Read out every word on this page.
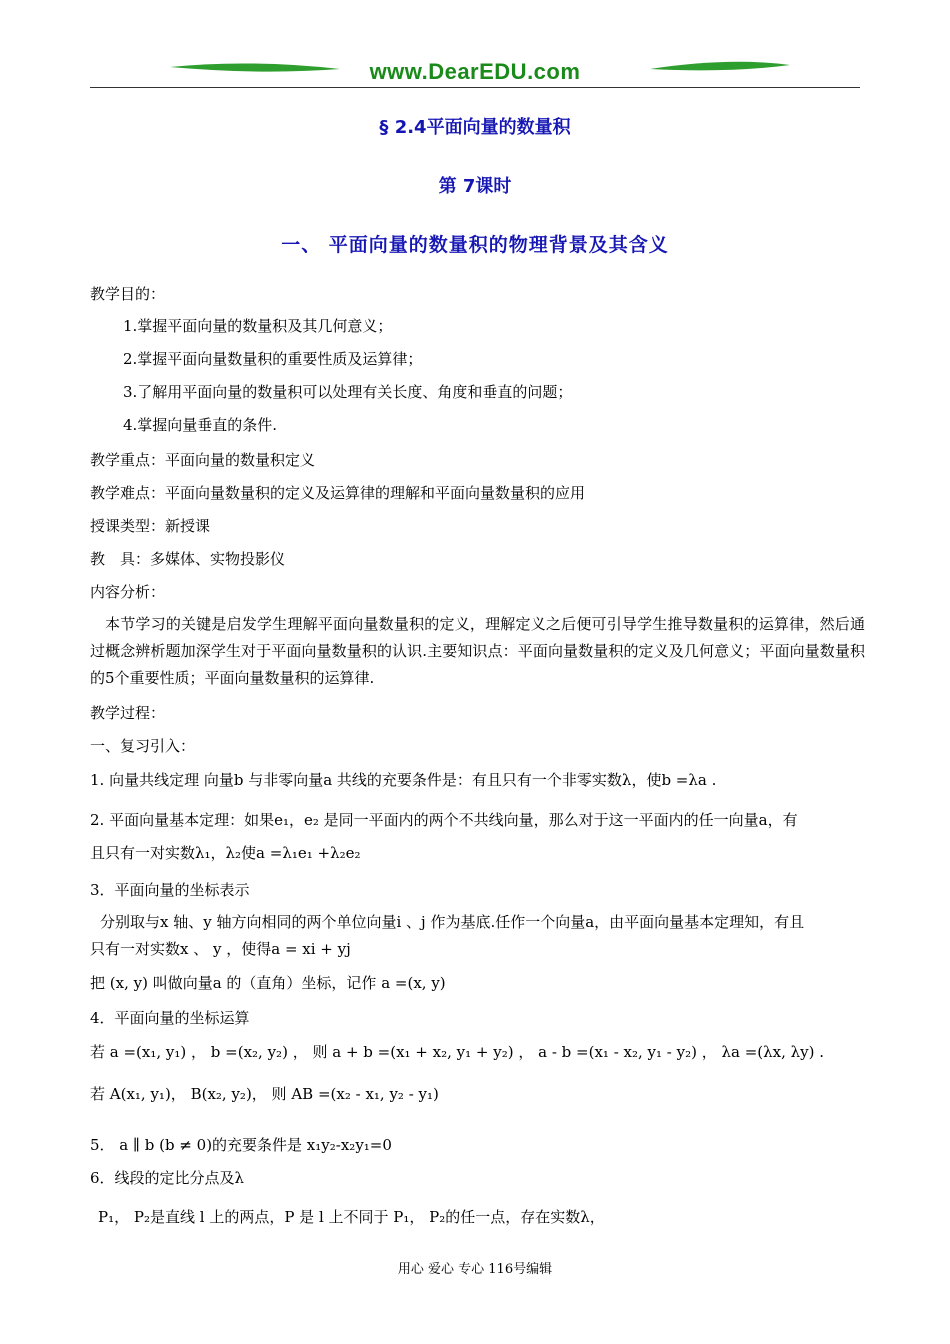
www.DearEDU.com
§ 2.4平面向量的数量积
第 7课时
一、 平面向量的数量积的物理背景及其含义
教学目的：
1.掌握平面向量的数量积及其几何意义；
2.掌握平面向量数量积的重要性质及运算律；
3.了解用平面向量的数量积可以处理有关长度、角度和垂直的问题；
4.掌握向量垂直的条件.
教学重点：平面向量的数量积定义
教学难点：平面向量数量积的定义及运算律的理解和平面向量数量积的应用
授课类型：新授课
教　具：多媒体、实物投影仪
内容分析：
本节学习的关键是启发学生理解平面向量数量积的定义，理解定义之后便可引导学生推导数量积的运算律，然后通过概念辨析题加深学生对于平面向量数量积的认识.主要知识点：平面向量数量积的定义及几何意义；平面向量数量积的5个重要性质；平面向量数量积的运算律.
教学过程：
一、复习引入：
1. 向量共线定理 向量b 与非零向量a 共线的充要条件是：有且只有一个非零实数λ，使b =λa .
2. 平面向量基本定理：如果e₁，e₂ 是同一平面内的两个不共线向量，那么对于这一平面内的任一向量a，有
且只有一对实数λ₁，λ₂使a =λ₁e₁ +λ₂e₂
3．平面向量的坐标表示
分别取与x 轴、y 轴方向相同的两个单位向量i 、j 作为基底.任作一个向量a，由平面向量基本定理知，有且
只有一对实数x 、 y ，使得a = xi + yj
把 (x, y) 叫做向量a 的（直角）坐标，记作 a =(x, y)
4．平面向量的坐标运算
若 a =(x₁, y₁) ， b =(x₂, y₂) ， 则 a + b =(x₁ + x₂, y₁ + y₂) ， a - b =(x₁ - x₂, y₁ - y₂) ， λa =(λx, λy) .
若 A(x₁, y₁)， B(x₂, y₂)， 则 AB =(x₂ - x₁, y₂ - y₁)
5． a ∥ b (b ≠ 0)的充要条件是 x₁y₂-x₂y₁=0
6．线段的定比分点及λ
P₁， P₂是直线 l 上的两点，P 是 l 上不同于 P₁， P₂的任一点，存在实数λ，
用心 爱心 专心 116号编辑
